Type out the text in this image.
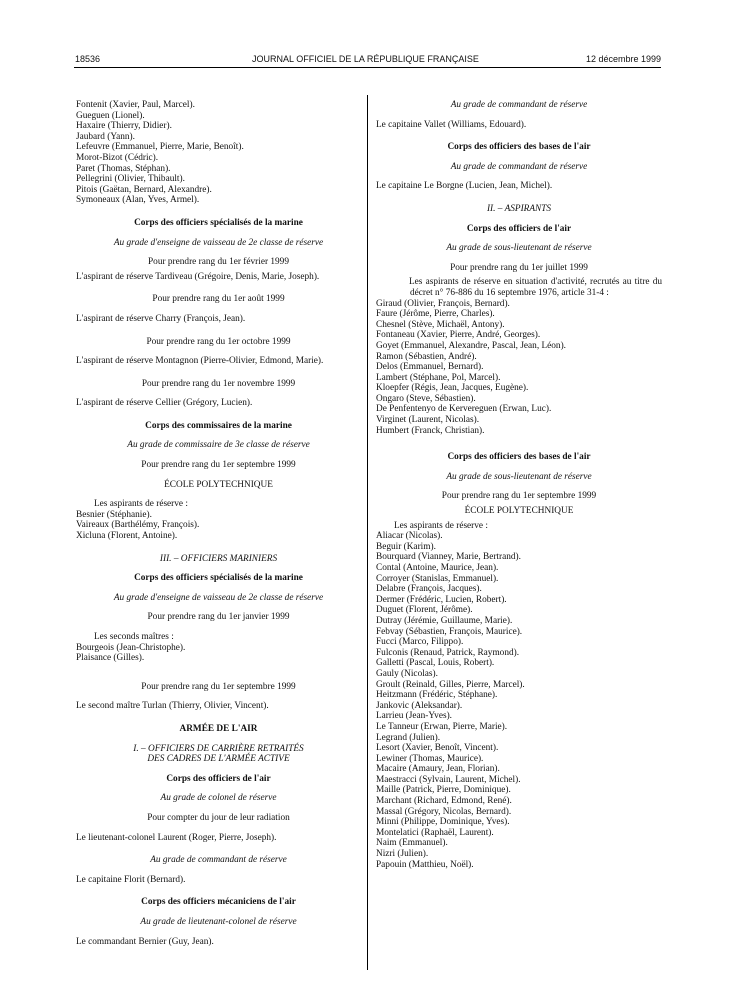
18536	JOURNAL OFFICIEL DE LA RÉPUBLIQUE FRANÇAISE	12 décembre 1999
Fontenit (Xavier, Paul, Marcel).
Gueguen (Lionel).
Haxaire (Thierry, Didier).
Jaubard (Yann).
Lefeuvre (Emmanuel, Pierre, Marie, Benoît).
Morot-Bizot (Cédric).
Paret (Thomas, Stéphan).
Pellegrini (Olivier, Thibault).
Pitois (Gaëtan, Bernard, Alexandre).
Symoneaux (Alan, Yves, Armel).
Corps des officiers spécialisés de la marine
Au grade d'enseigne de vaisseau de 2e classe de réserve
Pour prendre rang du 1er février 1999
L'aspirant de réserve Tardiveau (Grégoire, Denis, Marie, Joseph).
Pour prendre rang du 1er août 1999
L'aspirant de réserve Charry (François, Jean).
Pour prendre rang du 1er octobre 1999
L'aspirant de réserve Montagnon (Pierre-Olivier, Edmond, Marie).
Pour prendre rang du 1er novembre 1999
L'aspirant de réserve Cellier (Grégory, Lucien).
Corps des commissaires de la marine
Au grade de commissaire de 3e classe de réserve
Pour prendre rang du 1er septembre 1999
ÉCOLE POLYTECHNIQUE
Les aspirants de réserve :
Besnier (Stéphanie).
Vaireaux (Barthélémy, François).
Xicluna (Florent, Antoine).
III. – OFFICIERS MARINIERS
Corps des officiers spécialisés de la marine
Au grade d'enseigne de vaisseau de 2e classe de réserve
Pour prendre rang du 1er janvier 1999
Les seconds maîtres :
Bourgeois (Jean-Christophe).
Plaisance (Gilles).
Pour prendre rang du 1er septembre 1999
Le second maître Turlan (Thierry, Olivier, Vincent).
ARMÉE DE L'AIR
I. – OFFICIERS DE CARRIÈRE RETRAITÉS
DES CADRES DE L'ARMÉE ACTIVE
Corps des officiers de l'air
Au grade de colonel de réserve
Pour compter du jour de leur radiation
Le lieutenant-colonel Laurent (Roger, Pierre, Joseph).
Au grade de commandant de réserve
Le capitaine Florit (Bernard).
Corps des officiers mécaniciens de l'air
Au grade de lieutenant-colonel de réserve
Le commandant Bernier (Guy, Jean).
Au grade de commandant de réserve
Le capitaine Vallet (Williams, Edouard).
Corps des officiers des bases de l'air
Au grade de commandant de réserve
Le capitaine Le Borgne (Lucien, Jean, Michel).
II. – ASPIRANTS
Corps des officiers de l'air
Au grade de sous-lieutenant de réserve
Pour prendre rang du 1er juillet 1999
Les aspirants de réserve en situation d'activité, recrutés au titre du décret n° 76-886 du 16 septembre 1976, article 31-4 :
Giraud (Olivier, François, Bernard).
Faure (Jérôme, Pierre, Charles).
Chesnel (Stève, Michaël, Antony).
Fontaneau (Xavier, Pierre, André, Georges).
Goyet (Emmanuel, Alexandre, Pascal, Jean, Léon).
Ramon (Sébastien, André).
Delos (Emmanuel, Bernard).
Lambert (Stéphane, Pol, Marcel).
Kloepfer (Régis, Jean, Jacques, Eugène).
Ongaro (Steve, Sébastien).
De Penfentenyo de Kervereguen (Erwan, Luc).
Virginet (Laurent, Nicolas).
Humbert (Franck, Christian).
Corps des officiers des bases de l'air
Au grade de sous-lieutenant de réserve
Pour prendre rang du 1er septembre 1999
ÉCOLE POLYTECHNIQUE
Les aspirants de réserve :
Aliacar (Nicolas).
Beguir (Karim).
Bourquard (Vianney, Marie, Bertrand).
Contal (Antoine, Maurice, Jean).
Corroyer (Stanislas, Emmanuel).
Delabre (François, Jacques).
Dermer (Frédéric, Lucien, Robert).
Duguet (Florent, Jérôme).
Dutray (Jérémie, Guillaume, Marie).
Febvay (Sébastien, François, Maurice).
Fucci (Marco, Filippo).
Fulconis (Renaud, Patrick, Raymond).
Galletti (Pascal, Louis, Robert).
Gauly (Nicolas).
Groult (Reinald, Gilles, Pierre, Marcel).
Heitzmann (Frédéric, Stéphane).
Jankovic (Aleksandar).
Larrieu (Jean-Yves).
Le Tanneur (Erwan, Pierre, Marie).
Legrand (Julien).
Lesort (Xavier, Benoît, Vincent).
Lewiner (Thomas, Maurice).
Macaire (Amaury, Jean, Florian).
Maestracci (Sylvain, Laurent, Michel).
Maille (Patrick, Pierre, Dominique).
Marchant (Richard, Edmond, René).
Massal (Grégory, Nicolas, Bernard).
Minni (Philippe, Dominique, Yves).
Montelatici (Raphaël, Laurent).
Naim (Emmanuel).
Nizri (Julien).
Papouin (Matthieu, Noël).
